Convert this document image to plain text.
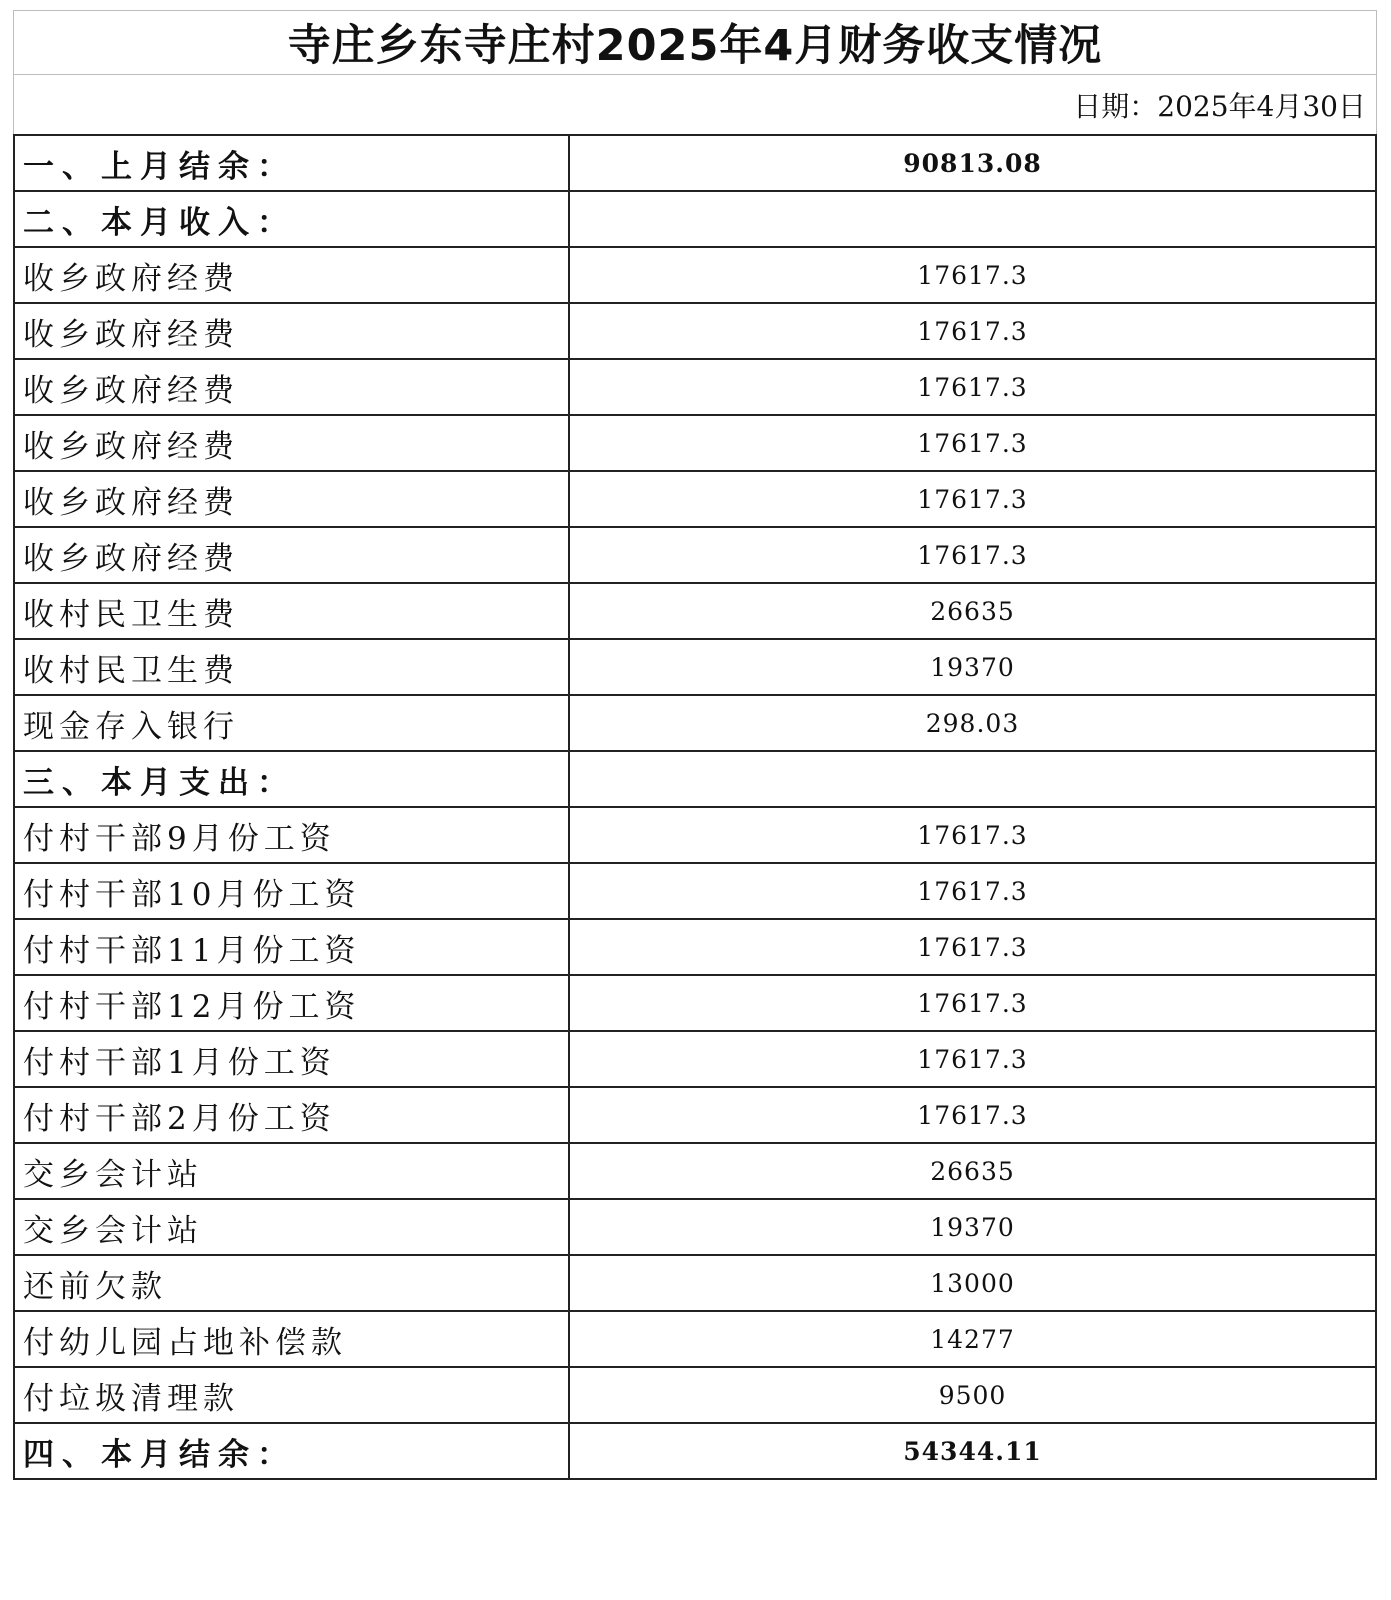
寺庄乡东寺庄村2025年4月财务收支情况
日期：2025年4月30日
一、上月结余：	90813.08
二、本月收入：	
收乡政府经费	17617.3
收乡政府经费	17617.3
收乡政府经费	17617.3
收乡政府经费	17617.3
收乡政府经费	17617.3
收乡政府经费	17617.3
收村民卫生费	26635
收村民卫生费	19370
现金存入银行	298.03
三、本月支出：	
付村干部9月份工资	17617.3
付村干部10月份工资	17617.3
付村干部11月份工资	17617.3
付村干部12月份工资	17617.3
付村干部1月份工资	17617.3
付村干部2月份工资	17617.3
交乡会计站	26635
交乡会计站	19370
还前欠款	13000
付幼儿园占地补偿款	14277
付垃圾清理款	9500
四、本月结余：	54344.11
